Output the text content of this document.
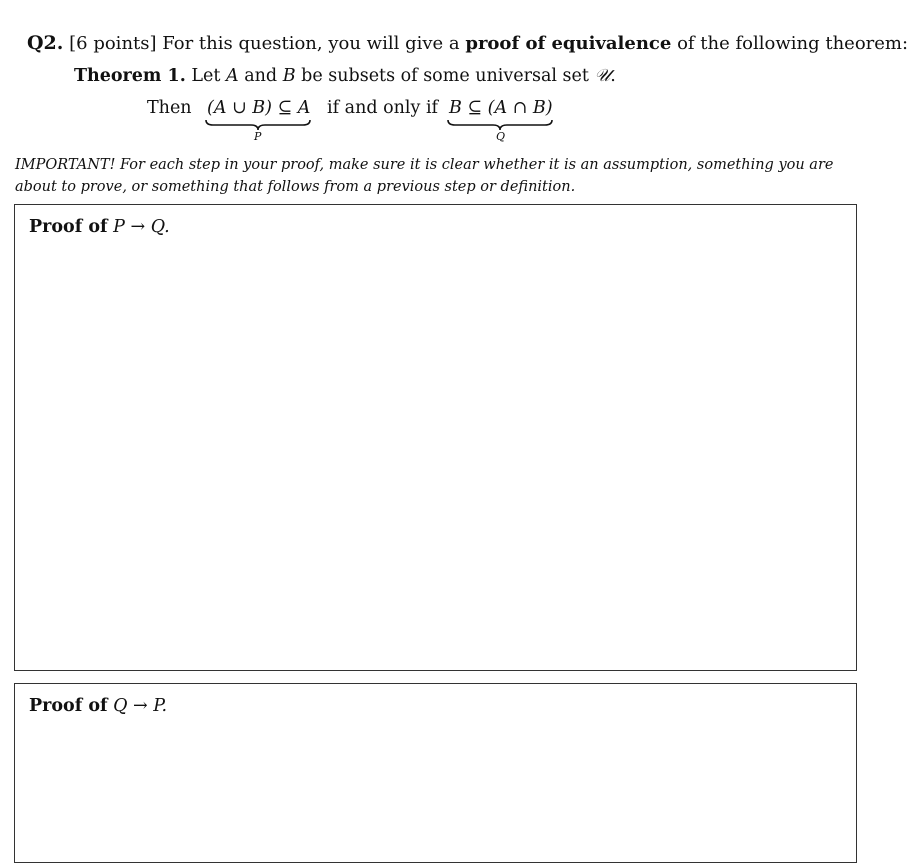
Q2. [6 points] For this question, you will give a proof of equivalence of the following theorem:
Theorem 1. Let A and B be subsets of some universal set 𝒰.
Then (A ∪ B) ⊆ A if and only if B ⊆ (A ∩ B)
P	Q
IMPORTANT! For each step in your proof, make sure it is clear whether it is an assumption, something you are about to prove, or something that follows from a previous step or definition.
Proof of P → Q.
Proof of Q → P.
